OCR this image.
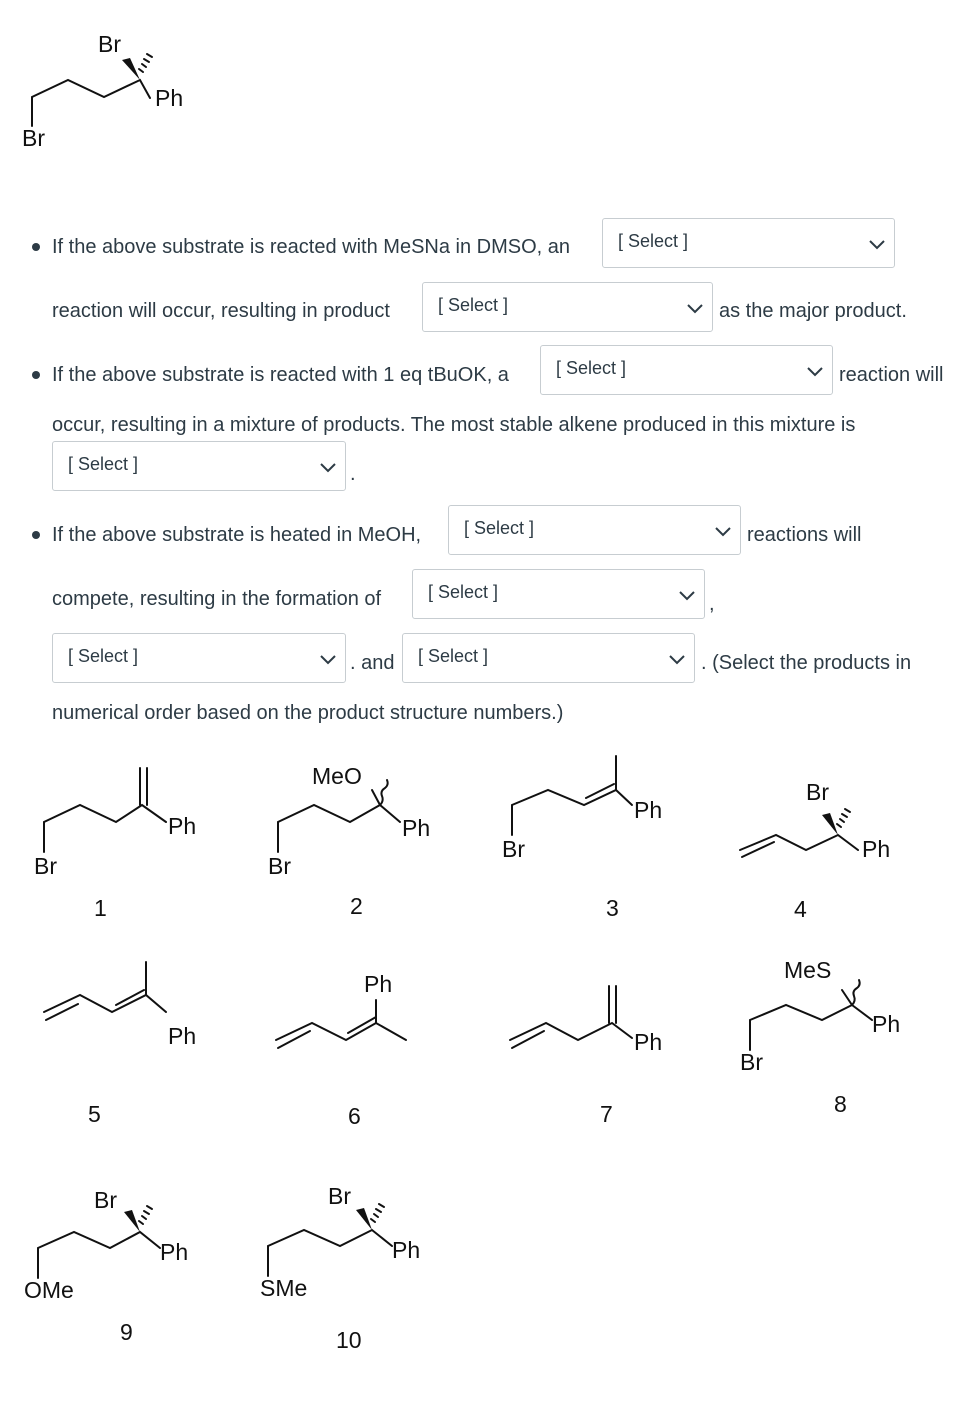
Br
Ph
Br
Ph
Br
1
MeO
Ph
Br
2
Ph
Br
3
Br
Ph
4
Ph
5
Ph
6
Ph
7
MeS
Ph
Br
8
Br
Ph
OMe
9
Br
Ph
SMe
10
If the above substrate is reacted with MeSNa in DMSO, an	[ Select ]
reaction will occur, resulting in product	[ Select ]	as the major product.
If the above substrate is reacted with 1 eq tBuOK, a	[ Select ]	reaction will
occur, resulting in a mixture of products. The most stable alkene produced in this mixture is
[ Select ]	.
If the above substrate is heated in MeOH, [ Select ]	reactions will
compete, resulting in the formation of	[ Select ]
,
[ Select ]	. and [ Select ]	. (Select the products in
numerical order based on the product structure numbers.)
